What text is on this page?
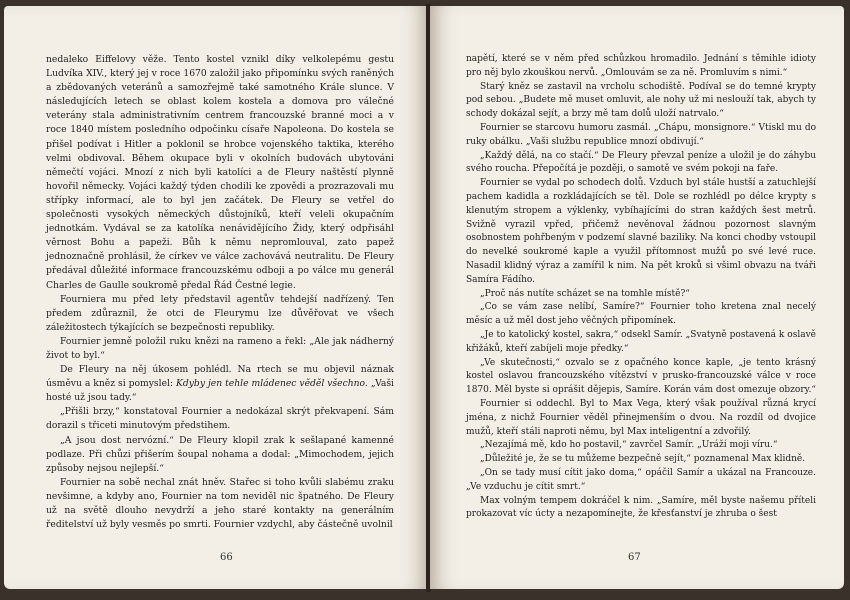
nedaleko Eiffelovy věže. Tento kostel vznikl díky velkolepému gestu Ludvíka XIV., který jej v roce 1670 založil jako připomínku svých raněných a zbědovaných veteránů a samozřejmě také samotného Krále slunce. V následujících letech se oblast kolem kostela a domova pro válečné veterány stala administrativním centrem francouzské branné moci a v roce 1840 místem posledního odpočinku císaře Napoleona. Do kostela se přišel podívat i Hitler a poklonil se hrobce vojenského taktika, kterého velmi obdivoval. Během okupace byli v okolních budovách ubytováni němečtí vojáci. Mnozí z nich byli katolíci a de Fleury naštěstí plynně hovořil německy. Vojáci každý týden chodili ke zpovědi a prozrazovali mu střípky informací, ale to byl jen začátek. De Fleury se vetřel do společnosti vysokých německých důstojníků, kteří veleli okupačním jednotkám. Vydával se za katolíka nenávidějícího Židy, který odpřisáhl věrnost Bohu a papeži. Bůh k němu nepromlouval, zato papež jednoznačně prohlásil, že církev ve válce zachovává neutralitu. De Fleury předával důležité informace francouzskému odboji a po válce mu generál Charles de Gaulle soukromě předal Řád Čestné legie.

Fourniera mu před lety představil agentův tehdejší nadřízený. Ten předem zdůraznil, že otci de Fleurymu lze důvěřovat ve všech záležitostech týkajících se bezpečnosti republiky.

Fournier jemně položil ruku knězi na rameno a řekl: „Ale jak nádherný život to byl.“

De Fleury na něj úkosem pohlédl. Na rtech se mu objevil náznak úsměvu a kněz si pomyslel: Kdyby jen tehle mládenec věděl všechno. „Vaši hosté už jsou tady.“

„Přišli brzy,“ konstatoval Fournier a nedokázal skrýt překvapení. Sám dorazil s třiceti minutovým předstihem.

„A jsou dost nervózní.“ De Fleury klopil zrak k sešlapané kamenné podlaze. Při chůzi přišerím šoupal nohama a dodal: „Mimochodem, jejich způsoby nejsou nejlepší.“

Fournier na sobě nechal znát hněv. Stařec si toho kvůli slabému zraku nevšimne, a kdyby ano, Fournier na tom neviděl nic špatného. De Fleury už na světě dlouho nevydrží a jeho staré kontakty na generálním ředitelství už byly vesměs po smrti. Fournier vzdychl, aby částečně uvolnil

66

napětí, které se v něm před schůzkou hromadilo. Jednání s těmihle idioty pro něj bylo zkouškou nervů. „Omlouvám se za ně. Promluvím s nimi.“

Starý kněz se zastavil na vrcholu schodiště. Podíval se do temné krypty pod sebou. „Budete mě muset omluvit, ale nohy už mi neslouží tak, abych ty schody dokázal sejít, a brzy mě tam dolů uloží natrvalo.“

Fournier se starcovu humoru zasmál. „Chápu, monsignore.“ Vtiskl mu do ruky obálku. „Vaši službu republice mnozí obdivují.“

„Každý dělá, na co stačí.“ De Fleury převzal peníze a uložil je do záhybu svého roucha. Přepočítá je později, o samotě ve svém pokoji na faře.

Fournier se vydal po schodech dolů. Vzduch byl stále hustší a zatuchlejší pachem kadidla a rozkládajících se těl. Dole se rozhlédl po délce krypty s klenutým stropem a výklenky, vybíhajícími do stran každých šest metrů. Svižně vyrazil vpřed, přičemž nevěnoval žádnou pozornost slavným osobnostem pohřbeným v podzemí slavné baziliky. Na konci chodby vstoupil do nevelké soukromé kaple a využil přítomnost mužů po své levé ruce. Nasadil klidný výraz a zamířil k nim. Na pět kroků si všiml obvazu na tváři Samíra Fádího.

„Proč nás nutíte scházet se na tomhle místě?“

„Co se vám zase nelíbí, Samíre?“ Fournier toho kretena znal necelý měsíc a už měl dost jeho věčných připomínek.

„Je to katolický kostel, sakra,“ odsekl Samír. „Svatyně postavená k oslavě křižáků, kteří zabíjeli moje předky.“

„Ve skutečnosti,“ ozvalo se z opačného konce kaple, „je tento krásný kostel oslavou francouzského vítězství v prusko-francouzské válce v roce 1870. Měl byste si oprášit dějepis, Samíre. Korán vám dost omezuje obzory.“

Fournier si oddechl. Byl to Max Vega, který však používal různá krycí jména, z nichž Fournier věděl přinejmenším o dvou. Na rozdíl od dvojice mužů, kteří stáli naproti němu, byl Max inteligentní a zdvořilý.

„Nezajímá mě, kdo ho postavil,“ zavrčel Samír. „Uráží moji víru.“

„Důležité je, že se tu můžeme bezpečně sejít,“ poznamenal Max klidně.

„On se tady musí cítit jako doma,“ opáčil Samír a ukázal na Francouze. „Ve vzduchu je cítit smrt.“

Max volným tempem dokráčel k nim. „Samíre, měl byste našemu příteli prokazovat víc úcty a nezapomínejte, že křesťanství je zhruba o šest

67
